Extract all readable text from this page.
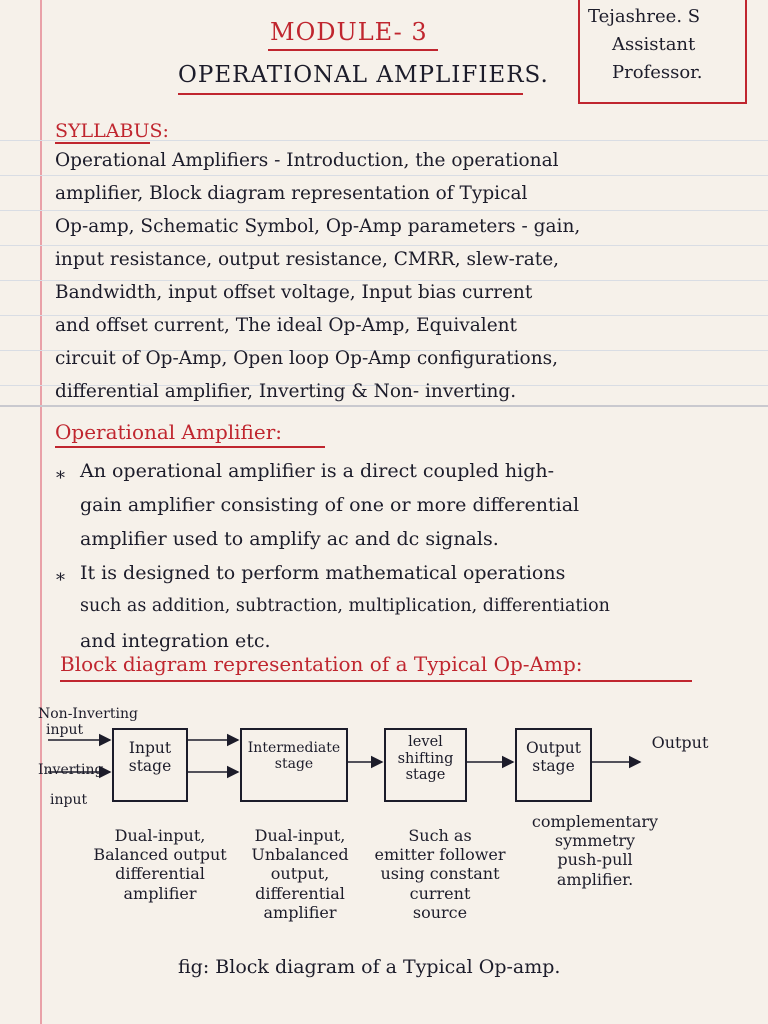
MODULE- 3
OPERATIONAL AMPLIFIERS.
Tejashree. S
Assistant
Professor.
SYLLABUS:
Operational Amplifiers - Introduction, the operational
amplifier, Block diagram representation of Typical
Op-amp, Schematic Symbol, Op-Amp parameters - gain,
input resistance, output resistance, CMRR, slew-rate,
Bandwidth, input offset voltage, Input bias current
and offset current, The ideal Op-Amp, Equivalent
circuit of Op-Amp, Open loop Op-Amp configurations,
differential amplifier, Inverting & Non- inverting.
Operational Amplifier:
* An operational amplifier is a direct coupled high-
gain amplifier consisting of one or more differential
amplifier used to amplify ac and dc signals.
* It is designed to perform mathematical operations
such as addition, subtraction, multiplication, differentiation
and integration etc.
Block diagram representation of a Typical Op-Amp:
Non-Inverting
input
Inverting
input
Input
stage
Intermediate
stage
level
shifting
stage
Output
stage
Output
Dual-input,
Balanced output
differential
amplifier
Dual-input,
Unbalanced
output,
differential
amplifier
Such as
emitter follower
using constant
current
source
complementary
symmetry
push-pull
amplifier.
fig: Block diagram of a Typical Op-amp.
